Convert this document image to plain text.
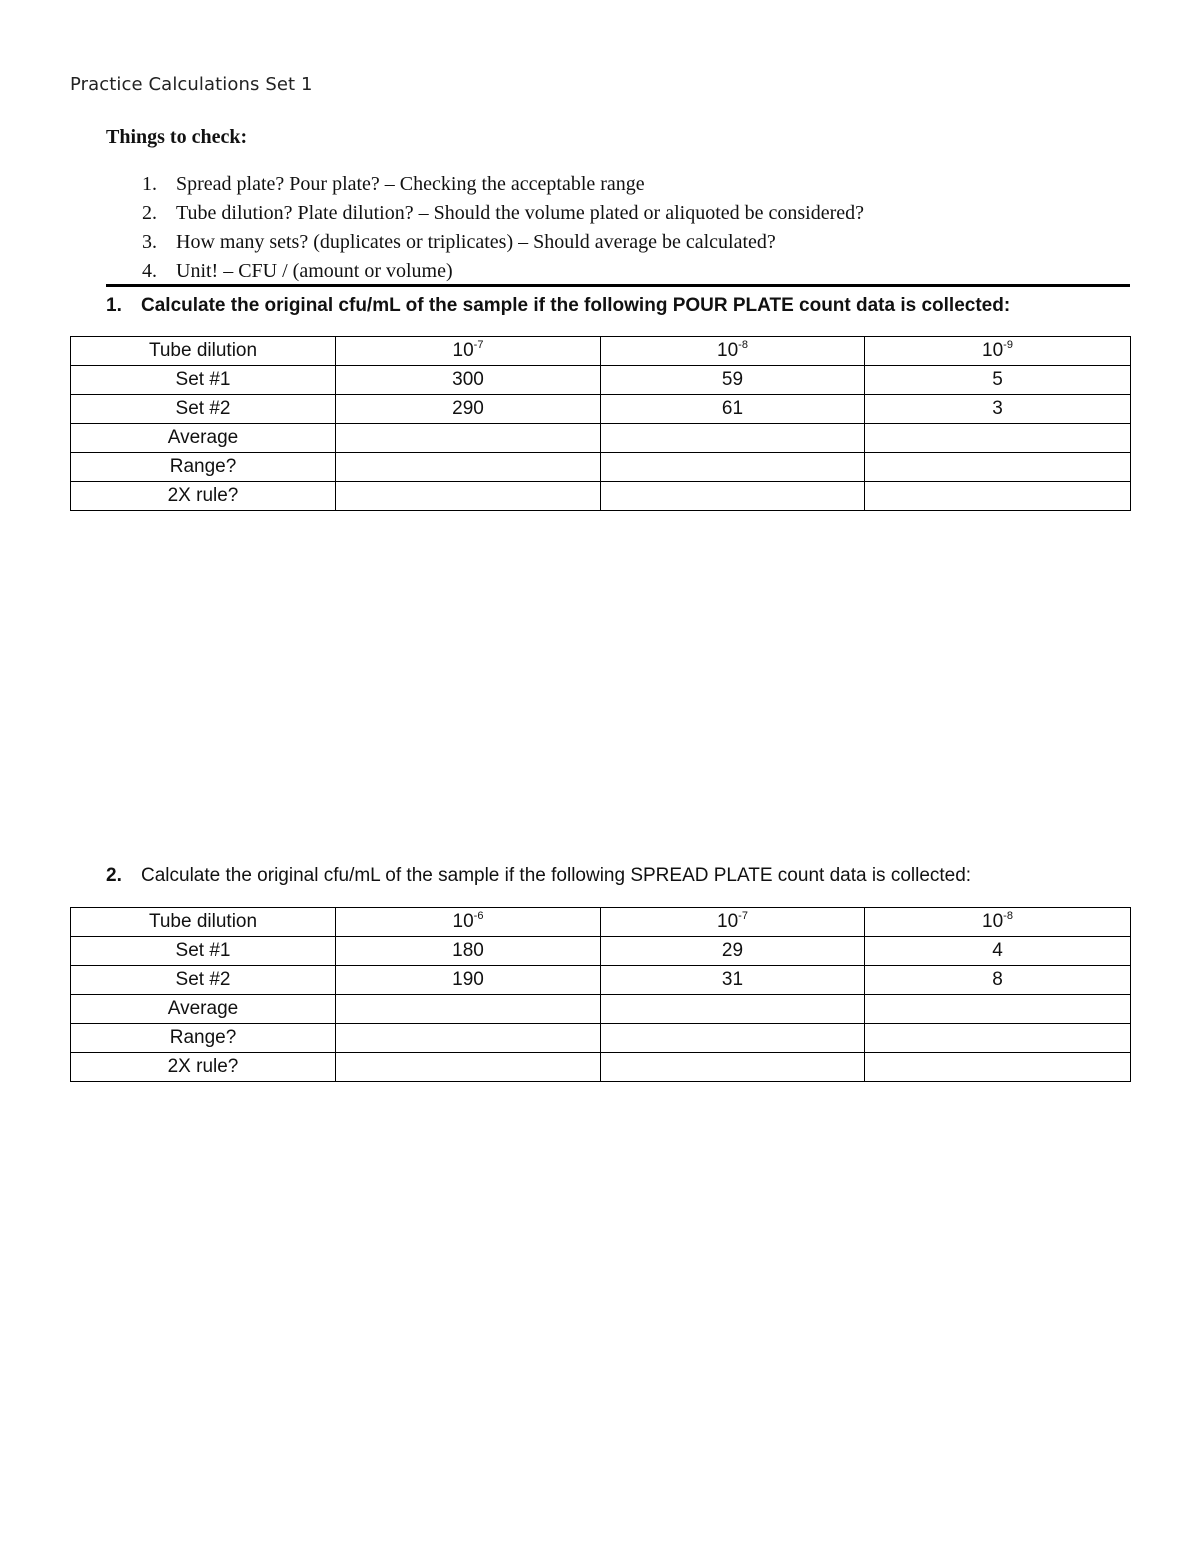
Practice Calculations Set 1
Things to check:
1. Spread plate? Pour plate? – Checking the acceptable range
2. Tube dilution? Plate dilution? – Should the volume plated or aliquoted be considered?
3. How many sets? (duplicates or triplicates) – Should average be calculated?
4. Unit! – CFU / (amount or volume)
1. Calculate the original cfu/mL of the sample if the following POUR PLATE count data is collected:
Tube dilution	$10^{-7}$	$10^{-8}$	$10^{-9}$
Set #1	300	59	5
Set #2	290	61	3
Average			
Range?			
2X rule?			
2. Calculate the original cfu/mL of the sample if the following SPREAD PLATE count data is collected:
Tube dilution	$10^{-6}$	$10^{-7}$	$10^{-8}$
Set #1	180	29	4
Set #2	190	31	8
Average			
Range?			
2X rule?			
